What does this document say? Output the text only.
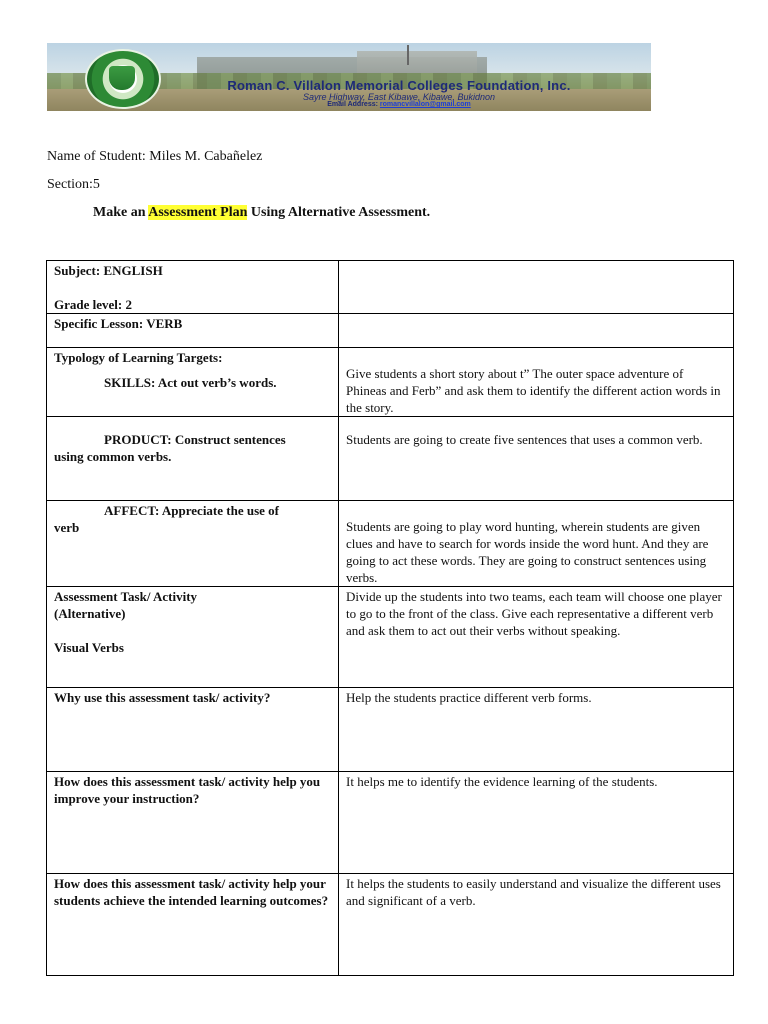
Roman C. Villalon Memorial Colleges Foundation, Inc.
Sayre Highway, East Kibawe, Kibawe, Bukidnon
Email Address: romancvillalon@gmail.com
Name of Student: Miles M. Cabañelez
Section:5
Make an Assessment Plan Using Alternative Assessment.

Subject: ENGLISH

Grade level: 2	

Specific Lesson: VERB	

Typology of Learning Targets:

SKILLS: Act out verb’s words.	Give students a short story about t” The outer space adventure of Phineas and Ferb” and ask them to identify the different action words in the story.

PRODUCT: Construct sentences

using common verbs.	Students are going to create five sentences that uses a common verb.

AFFECT: Appreciate the use of

verb	Students are going to play word hunting, wherein students are given clues and have to search for words inside the word hunt. And they are going to act these words. They are going to construct sentences using verbs.

Assessment Task/ Activity

(Alternative)

Visual Verbs	Divide up the students into two teams, each team will choose one player to go to the front of the class. Give each representative a different verb and ask them to act out their verbs without speaking.

Why use this assessment task/ activity?	Help the students practice different verb forms.

How does this assessment task/ activity help you improve your instruction?	It helps me to identify the evidence learning of the students.

How does this assessment task/ activity help your students achieve the intended learning outcomes?	It helps the students to easily understand and visualize the different uses and significant of a verb.
